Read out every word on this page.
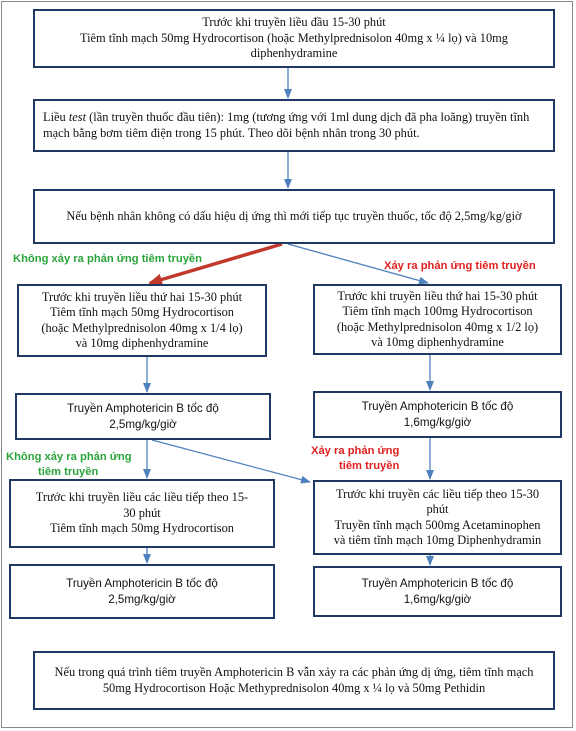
Trước khi truyền liều đầu 15-30 phút
Tiêm tĩnh mạch 50mg Hydrocortison (hoặc Methylprednisolon 40mg x ¼ lọ) và 10mg
diphenhydramine
Liều test (lần truyền thuốc đầu tiên): 1mg (tương ứng với 1ml dung dịch đã pha loãng) truyền tĩnh mạch bằng bơm tiêm điện trong 15 phút. Theo dõi bệnh nhân trong 30 phút.
Nếu bệnh nhân không có dấu hiệu dị ứng thì mới tiếp tục truyền thuốc, tốc độ 2,5mg/kg/giờ
Không xảy ra phản ứng tiêm truyền
Xảy ra phản ứng tiêm truyền
Trước khi truyền liều thứ hai 15-30 phút
Tiêm tĩnh mạch 50mg Hydrocortison
(hoặc Methylprednisolon 40mg x 1/4 lọ)
và 10mg diphenhydramine
Trước khi truyền liều thứ hai 15-30 phút
Tiêm tĩnh mạch 100mg Hydrocortison
(hoặc Methylprednisolon 40mg x 1/2 lọ)
và 10mg diphenhydramine
Truyền Amphotericin B tốc độ
2,5mg/kg/giờ
Truyền Amphotericin B tốc độ
1,6mg/kg/giờ
Không xảy ra phản ứng
tiêm truyền
Xảy ra phản ứng
tiêm truyền
Trước khi truyền liều các liều tiếp theo 15-
30 phút
Tiêm tĩnh mạch 50mg Hydrocortison
Trước khi truyền các liều tiếp theo 15-30
phút
Truyền tĩnh mạch 500mg Acetaminophen
và tiêm tĩnh mạch 10mg Diphenhydramin
Truyền Amphotericin B tốc độ
2,5mg/kg/giờ
Truyền Amphotericin B tốc độ
1,6mg/kg/giờ
Nếu trong quá trình tiêm truyền Amphotericin B vẫn xảy ra các phản ứng dị ứng, tiêm tĩnh mạch
50mg Hydrocortison Hoặc Methyprednisolon 40mg x ¼ lọ và 50mg Pethidin
